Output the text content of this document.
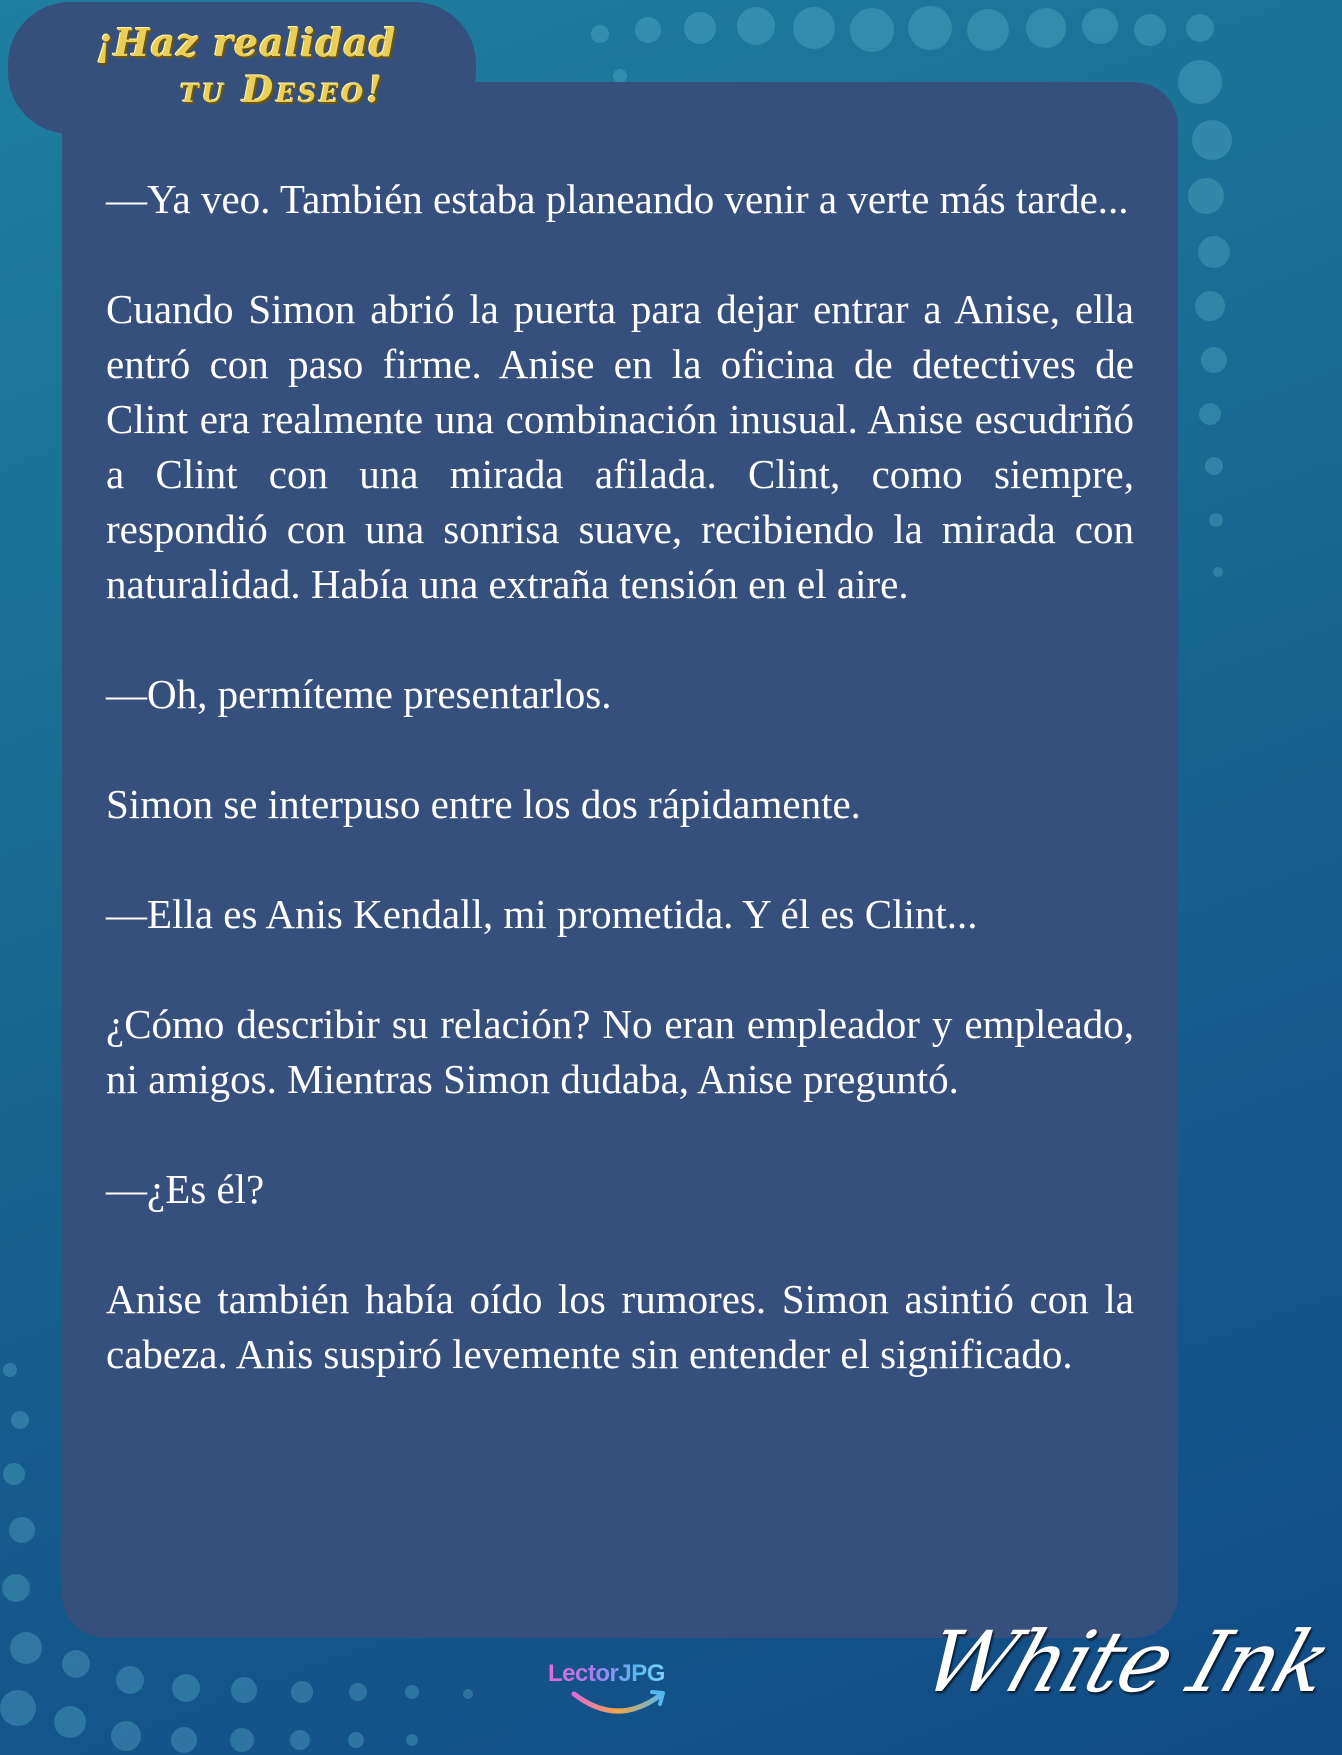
¡Haz realidad
tu Deseo!

—Ya veo. También estaba planeando venir a verte más tarde...

Cuando Simon abrió la puerta para dejar entrar a Anise, ella entró con paso firme. Anise en la oficina de detectives de Clint era realmente una combinación inusual. Anise escudriñó a Clint con una mirada afilada. Clint, como siempre, respondió con una sonrisa suave, recibiendo la mirada con naturalidad. Había una extraña tensión en el aire.

—Oh, permíteme presentarlos.

Simon se interpuso entre los dos rápidamente.

—Ella es Anis Kendall, mi prometida. Y él es Clint...

¿Cómo describir su relación? No eran empleador y empleado, ni amigos. Mientras Simon dudaba, Anise preguntó.

—¿Es él?

Anise también había oído los rumores. Simon asintió con la cabeza. Anis suspiró levemente sin entender el significado.

LectorJPG	White Ink
